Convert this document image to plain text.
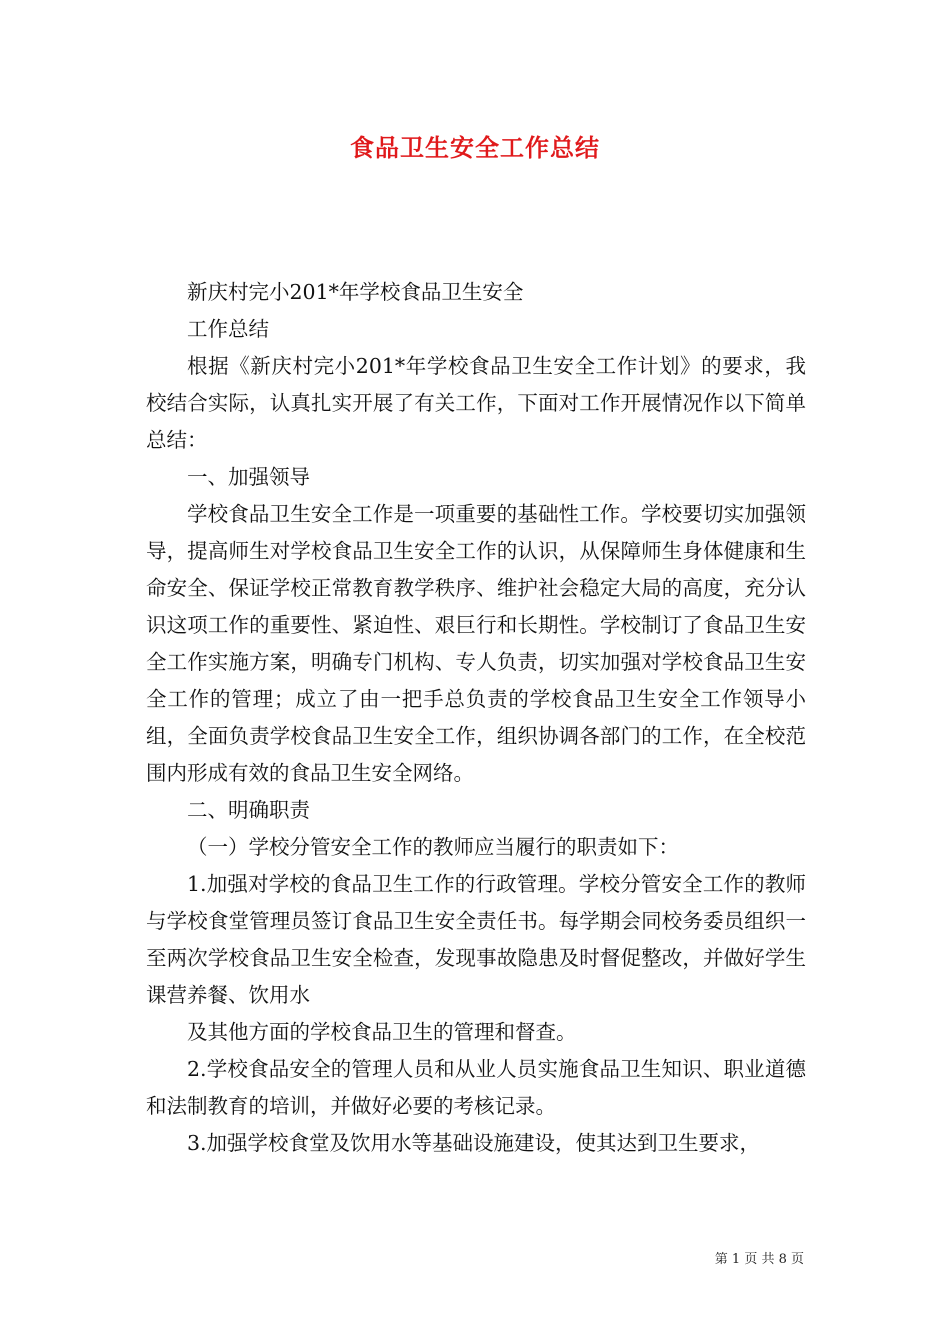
食品卫生安全工作总结

新庆村完小201*年学校食品卫生安全

工作总结

根据《新庆村完小201*年学校食品卫生安全工作计划》的要求，我校结合实际，认真扎实开展了有关工作，下面对工作开展情况作以下简单总结：

一、加强领导

学校食品卫生安全工作是一项重要的基础性工作。学校要切实加强领导，提高师生对学校食品卫生安全工作的认识，从保障师生身体健康和生命安全、保证学校正常教育教学秩序、维护社会稳定大局的高度，充分认识这项工作的重要性、紧迫性、艰巨行和长期性。学校制订了食品卫生安全工作实施方案，明确专门机构、专人负责，切实加强对学校食品卫生安全工作的管理；成立了由一把手总负责的学校食品卫生安全工作领导小组，全面负责学校食品卫生安全工作，组织协调各部门的工作，在全校范围内形成有效的食品卫生安全网络。

二、明确职责

（一）学校分管安全工作的教师应当履行的职责如下：

1.加强对学校的食品卫生工作的行政管理。学校分管安全工作的教师与学校食堂管理员签订食品卫生安全责任书。每学期会同校务委员组织一至两次学校食品卫生安全检查，发现事故隐患及时督促整改，并做好学生课营养餐、饮用水

及其他方面的学校食品卫生的管理和督查。

2.学校食品安全的管理人员和从业人员实施食品卫生知识、职业道德和法制教育的培训，并做好必要的考核记录。

3.加强学校食堂及饮用水等基础设施建设，使其达到卫生要求，

第 1 页 共 8 页
